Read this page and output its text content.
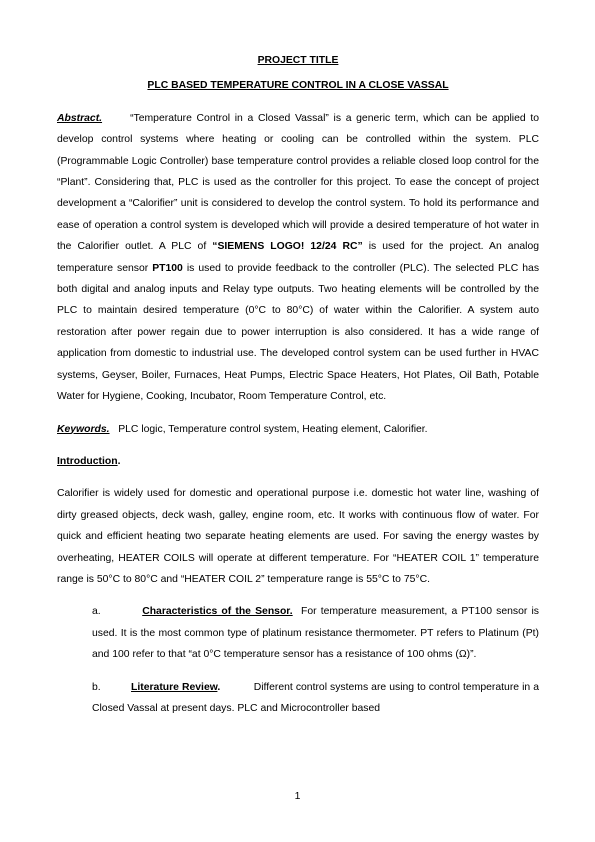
PROJECT TITLE

PLC BASED TEMPERATURE CONTROL IN A CLOSE VASSAL

Abstract.	“Temperature Control in a Closed Vassal” is a generic term, which can be applied to develop control systems where heating or cooling can be controlled within the system. PLC (Programmable Logic Controller) base temperature control provides a reliable closed loop control for the “Plant”. Considering that, PLC is used as the controller for this project. To ease the concept of project development a “Calorifier” unit is considered to develop the control system. To hold its performance and ease of operation a control system is developed which will provide a desired temperature of hot water in the Calorifier outlet. A PLC of “SIEMENS LOGO! 12/24 RC” is used for the project. An analog temperature sensor PT100 is used to provide feedback to the controller (PLC). The selected PLC has both digital and analog inputs and Relay type outputs. Two heating elements will be controlled by the PLC to maintain desired temperature (0°C to 80°C) of water within the Calorifier. A system auto restoration after power regain due to power interruption is also considered. It has a wide range of application from domestic to industrial use. The developed control system can be used further in HVAC systems, Geyser, Boiler, Furnaces, Heat Pumps, Electric Space Heaters, Hot Plates, Oil Bath, Potable Water for Hygiene, Cooking, Incubator, Room Temperature Control, etc.

Keywords. PLC logic, Temperature control system, Heating element, Calorifier.

Introduction.

Calorifier is widely used for domestic and operational purpose i.e. domestic hot water line, washing of dirty greased objects, deck wash, galley, engine room, etc. It works with continuous flow of water. For quick and efficient heating two separate heating elements are used. For saving the energy wastes by overheating, HEATER COILS will operate at different temperature. For “HEATER COIL 1” temperature range is 50°C to 80°C and “HEATER COIL 2” temperature range is 55°C to 75°C.

a.	Characteristics of the Sensor. For temperature measurement, a PT100 sensor is used. It is the most common type of platinum resistance thermometer. PT refers to Platinum (Pt) and 100 refer to that “at 0°C temperature sensor has a resistance of 100 ohms (Ω)”.

b.	Literature Review.	Different control systems are using to control temperature in a Closed Vassal at present days. PLC and Microcontroller based

1
